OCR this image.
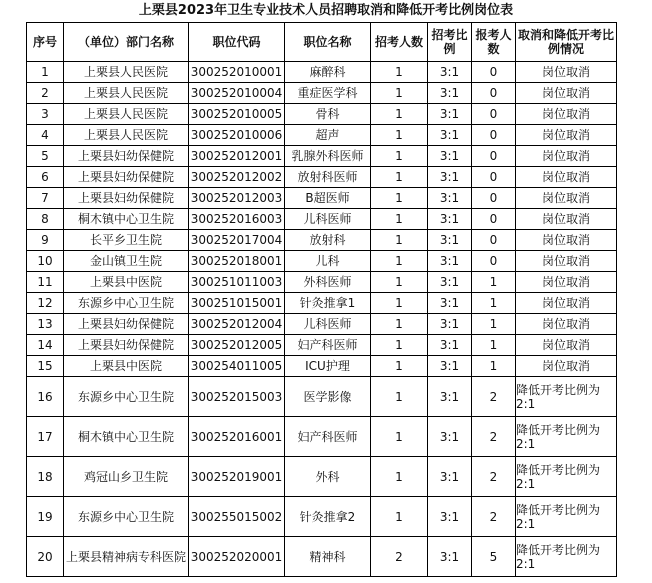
上栗县2023年卫生专业技术人员招聘取消和降低开考比例岗位表
序号	（单位）部门名称	职位代码	职位名称	招考人数	招考比例	报考人数	取消和降低开考比例情况
1	上栗县人民医院	300252010001	麻醉科	1	3:1	0	岗位取消
2	上栗县人民医院	300252010004	重症医学科	1	3:1	0	岗位取消
3	上栗县人民医院	300252010005	骨科	1	3:1	0	岗位取消
4	上栗县人民医院	300252010006	超声	1	3:1	0	岗位取消
5	上栗县妇幼保健院	300252012001	乳腺外科医师	1	3:1	0	岗位取消
6	上栗县妇幼保健院	300252012002	放射科医师	1	3:1	0	岗位取消
7	上栗县妇幼保健院	300252012003	B超医师	1	3:1	0	岗位取消
8	桐木镇中心卫生院	300252016003	儿科医师	1	3:1	0	岗位取消
9	长平乡卫生院	300252017004	放射科	1	3:1	0	岗位取消
10	金山镇卫生院	300252018001	儿科	1	3:1	0	岗位取消
11	上栗县中医院	300251011003	外科医师	1	3:1	1	岗位取消
12	东源乡中心卫生院	300251015001	针灸推拿1	1	3:1	1	岗位取消
13	上栗县妇幼保健院	300252012004	儿科医师	1	3:1	1	岗位取消
14	上栗县妇幼保健院	300252012005	妇产科医师	1	3:1	1	岗位取消
15	上栗县中医院	300254011005	ICU护理	1	3:1	1	岗位取消
16	东源乡中心卫生院	300252015003	医学影像	1	3:1	2	降低开考比例为2:1
17	桐木镇中心卫生院	300252016001	妇产科医师	1	3:1	2	降低开考比例为2:1
18	鸡冠山乡卫生院	300252019001	外科	1	3:1	2	降低开考比例为2:1
19	东源乡中心卫生院	300255015002	针灸推拿2	1	3:1	2	降低开考比例为2:1
20	上栗县精神病专科医院	300252020001	精神科	2	3:1	5	降低开考比例为2:1
